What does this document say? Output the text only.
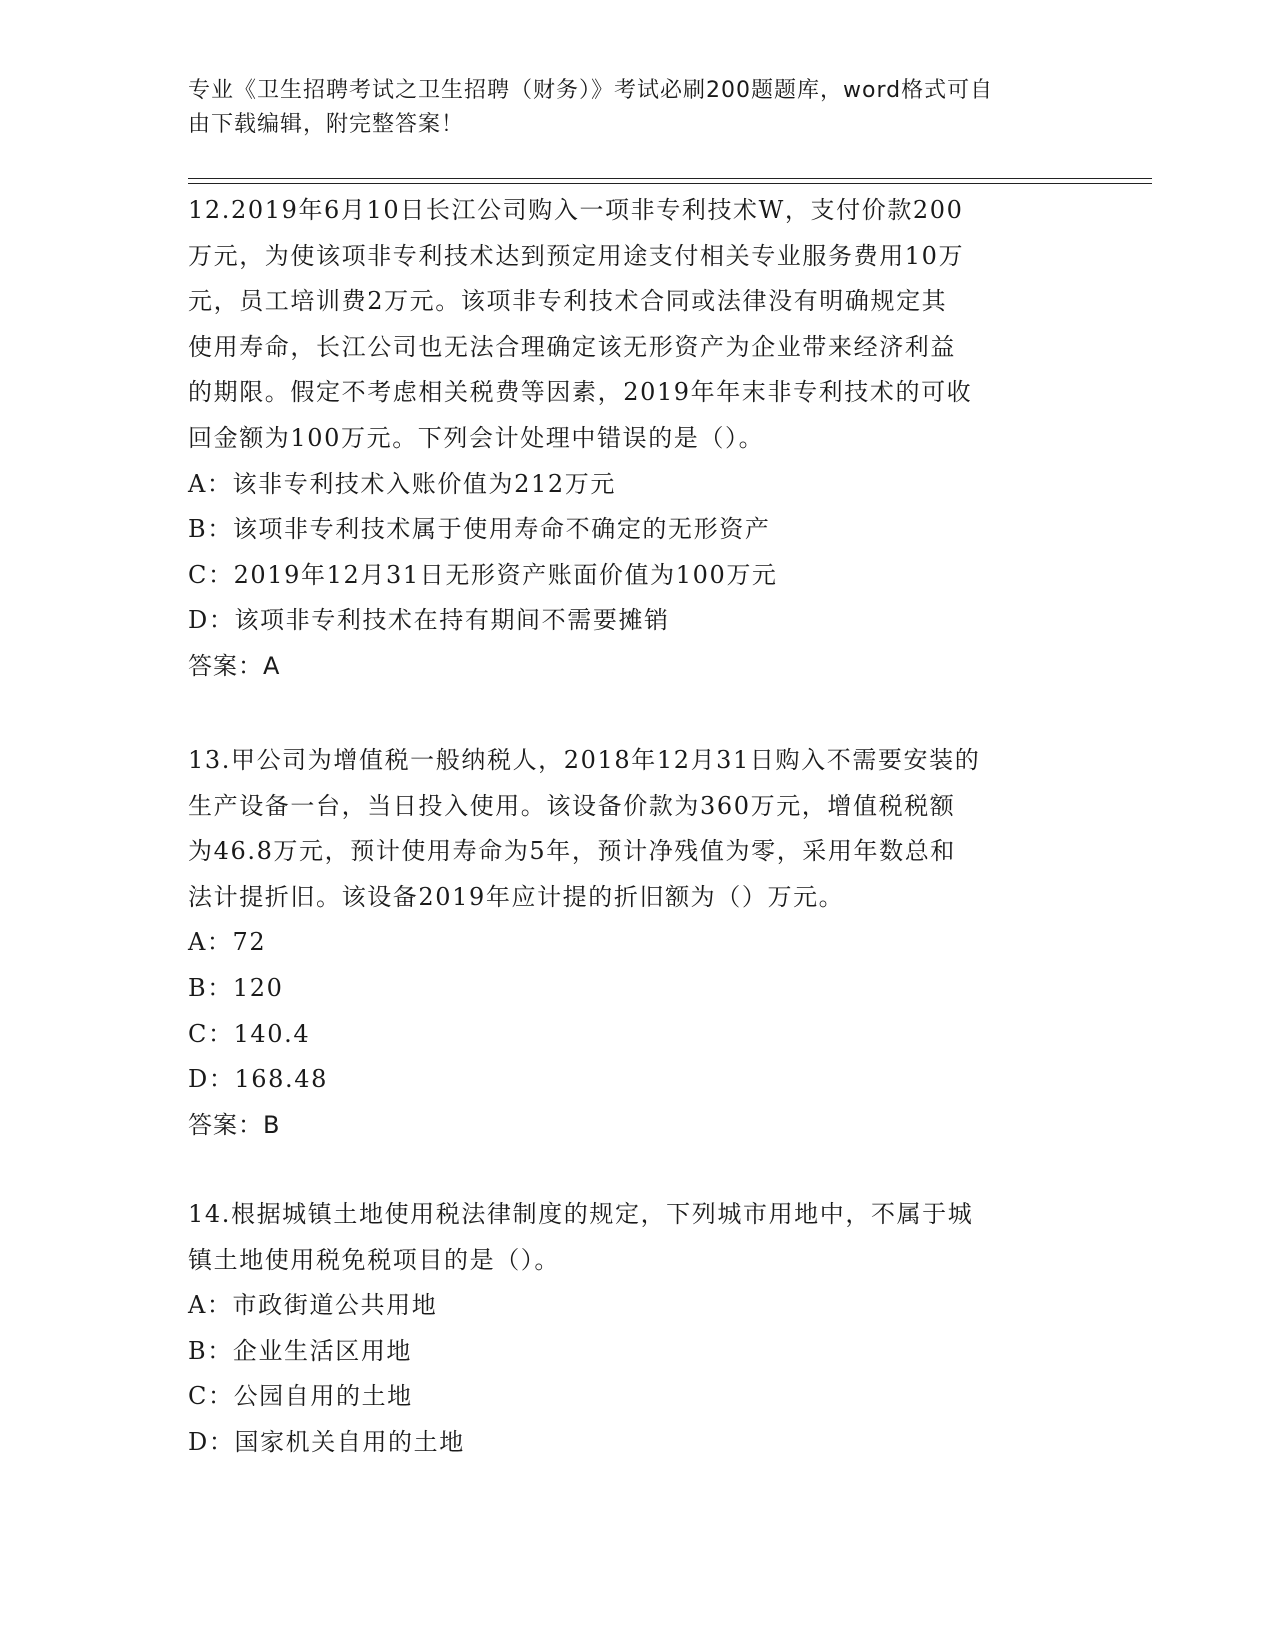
专业《卫生招聘考试之卫生招聘（财务）》考试必刷200题题库，word格式可自
由下载编辑，附完整答案！
12.2019年6月10日长江公司购入一项非专利技术W，支付价款200
万元，为使该项非专利技术达到预定用途支付相关专业服务费用10万
元，员工培训费2万元。该项非专利技术合同或法律没有明确规定其
使用寿命，长江公司也无法合理确定该无形资产为企业带来经济利益
的期限。假定不考虑相关税费等因素，2019年年末非专利技术的可收
回金额为100万元。下列会计处理中错误的是（）。
A：该非专利技术入账价值为212万元
B：该项非专利技术属于使用寿命不确定的无形资产
C：2019年12月31日无形资产账面价值为100万元
D：该项非专利技术在持有期间不需要摊销
答案：A
13.甲公司为增值税一般纳税人，2018年12月31日购入不需要安装的
生产设备一台，当日投入使用。该设备价款为360万元，增值税税额
为46.8万元，预计使用寿命为5年，预计净残值为零，采用年数总和
法计提折旧。该设备2019年应计提的折旧额为（）万元。
A：72
B：120
C：140.4
D：168.48
答案：B
14.根据城镇土地使用税法律制度的规定，下列城市用地中，不属于城
镇土地使用税免税项目的是（）。
A：市政街道公共用地
B：企业生活区用地
C：公园自用的土地
D：国家机关自用的土地
